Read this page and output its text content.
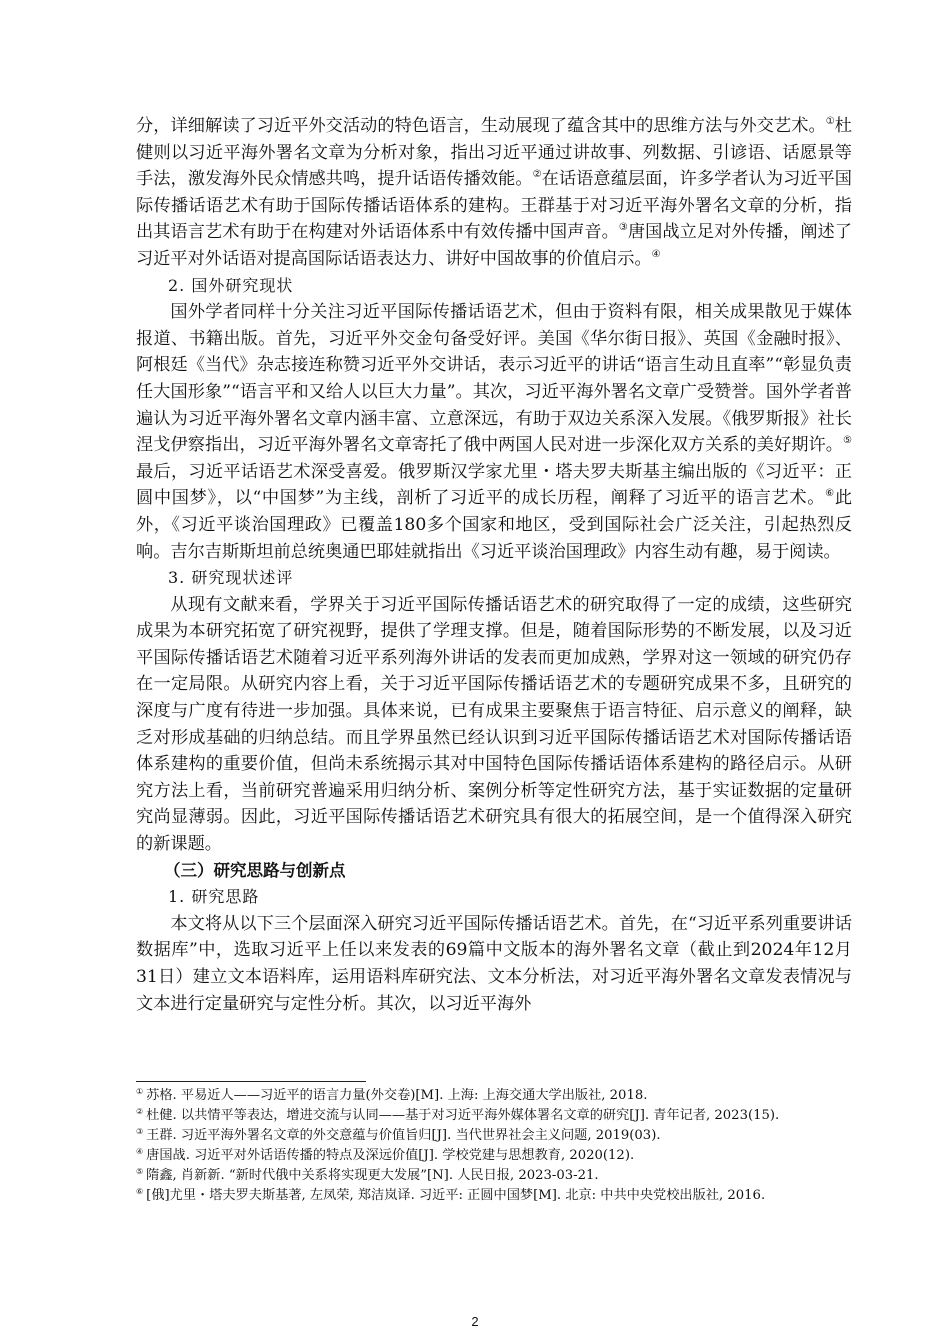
分，详细解读了习近平外交活动的特色语言，生动展现了蕴含其中的思维方法与外交艺术。①杜健则以习近平海外署名文章为分析对象，指出习近平通过讲故事、列数据、引谚语、话愿景等手法，激发海外民众情感共鸣，提升话语传播效能。②在话语意蕴层面，许多学者认为习近平国际传播话语艺术有助于国际传播话语体系的建构。王群基于对习近平海外署名文章的分析，指出其语言艺术有助于在构建对外话语体系中有效传播中国声音。③唐国战立足对外传播，阐述了习近平对外话语对提高国际话语表达力、讲好中国故事的价值启示。④

2. 国外研究现状

国外学者同样十分关注习近平国际传播话语艺术，但由于资料有限，相关成果散见于媒体报道、书籍出版。首先，习近平外交金句备受好评。美国《华尔街日报》、英国《金融时报》、阿根廷《当代》杂志接连称赞习近平外交讲话，表示习近平的讲话“语言生动且直率”“彰显负责任大国形象”“语言平和又给人以巨大力量”。其次，习近平海外署名文章广受赞誉。国外学者普遍认为习近平海外署名文章内涵丰富、立意深远，有助于双边关系深入发展。《俄罗斯报》社长涅戈伊察指出，习近平海外署名文章寄托了俄中两国人民对进一步深化双方关系的美好期许。⑤最后，习近平话语艺术深受喜爱。俄罗斯汉学家尤里・塔夫罗夫斯基主编出版的《习近平：正圆中国梦》，以“中国梦”为主线，剖析了习近平的成长历程，阐释了习近平的语言艺术。⑥此外，《习近平谈治国理政》已覆盖180多个国家和地区，受到国际社会广泛关注，引起热烈反响。吉尔吉斯斯坦前总统奥通巴耶娃就指出《习近平谈治国理政》内容生动有趣，易于阅读。

3. 研究现状述评

从现有文献来看，学界关于习近平国际传播话语艺术的研究取得了一定的成绩，这些研究成果为本研究拓宽了研究视野，提供了学理支撑。但是，随着国际形势的不断发展，以及习近平国际传播话语艺术随着习近平系列海外讲话的发表而更加成熟，学界对这一领域的研究仍存在一定局限。从研究内容上看，关于习近平国际传播话语艺术的专题研究成果不多，且研究的深度与广度有待进一步加强。具体来说，已有成果主要聚焦于语言特征、启示意义的阐释，缺乏对形成基础的归纳总结。而且学界虽然已经认识到习近平国际传播话语艺术对国际传播话语体系建构的重要价值，但尚未系统揭示其对中国特色国际传播话语体系建构的路径启示。从研究方法上看，当前研究普遍采用归纳分析、案例分析等定性研究方法，基于实证数据的定量研究尚显薄弱。因此，习近平国际传播话语艺术研究具有很大的拓展空间，是一个值得深入研究的新课题。

（三）研究思路与创新点

1. 研究思路

本文将从以下三个层面深入研究习近平国际传播话语艺术。首先，在“习近平系列重要讲话数据库”中，选取习近平上任以来发表的69篇中文版本的海外署名文章（截止到2024年12月31日）建立文本语料库，运用语料库研究法、文本分析法，对习近平海外署名文章发表情况与文本进行定量研究与定性分析。其次，以习近平海外

① 苏格. 平易近人——习近平的语言力量(外交卷)[M]. 上海: 上海交通大学出版社, 2018.

② 杜健. 以共情平等表达，增进交流与认同——基于对习近平海外媒体署名文章的研究[J]. 青年记者, 2023(15).

③ 王群. 习近平海外署名文章的外交意蕴与价值旨归[J]. 当代世界社会主义问题, 2019(03).

④ 唐国战. 习近平对外话语传播的特点及深远价值[J]. 学校党建与思想教育, 2020(12).

⑤ 隋鑫, 肖新新. “新时代俄中关系将实现更大发展”[N]. 人民日报, 2023-03-21.

⑥ [俄]尤里・塔夫罗夫斯基著, 左凤荣, 郑洁岚译. 习近平: 正圆中国梦[M]. 北京: 中共中央党校出版社, 2016.

2
